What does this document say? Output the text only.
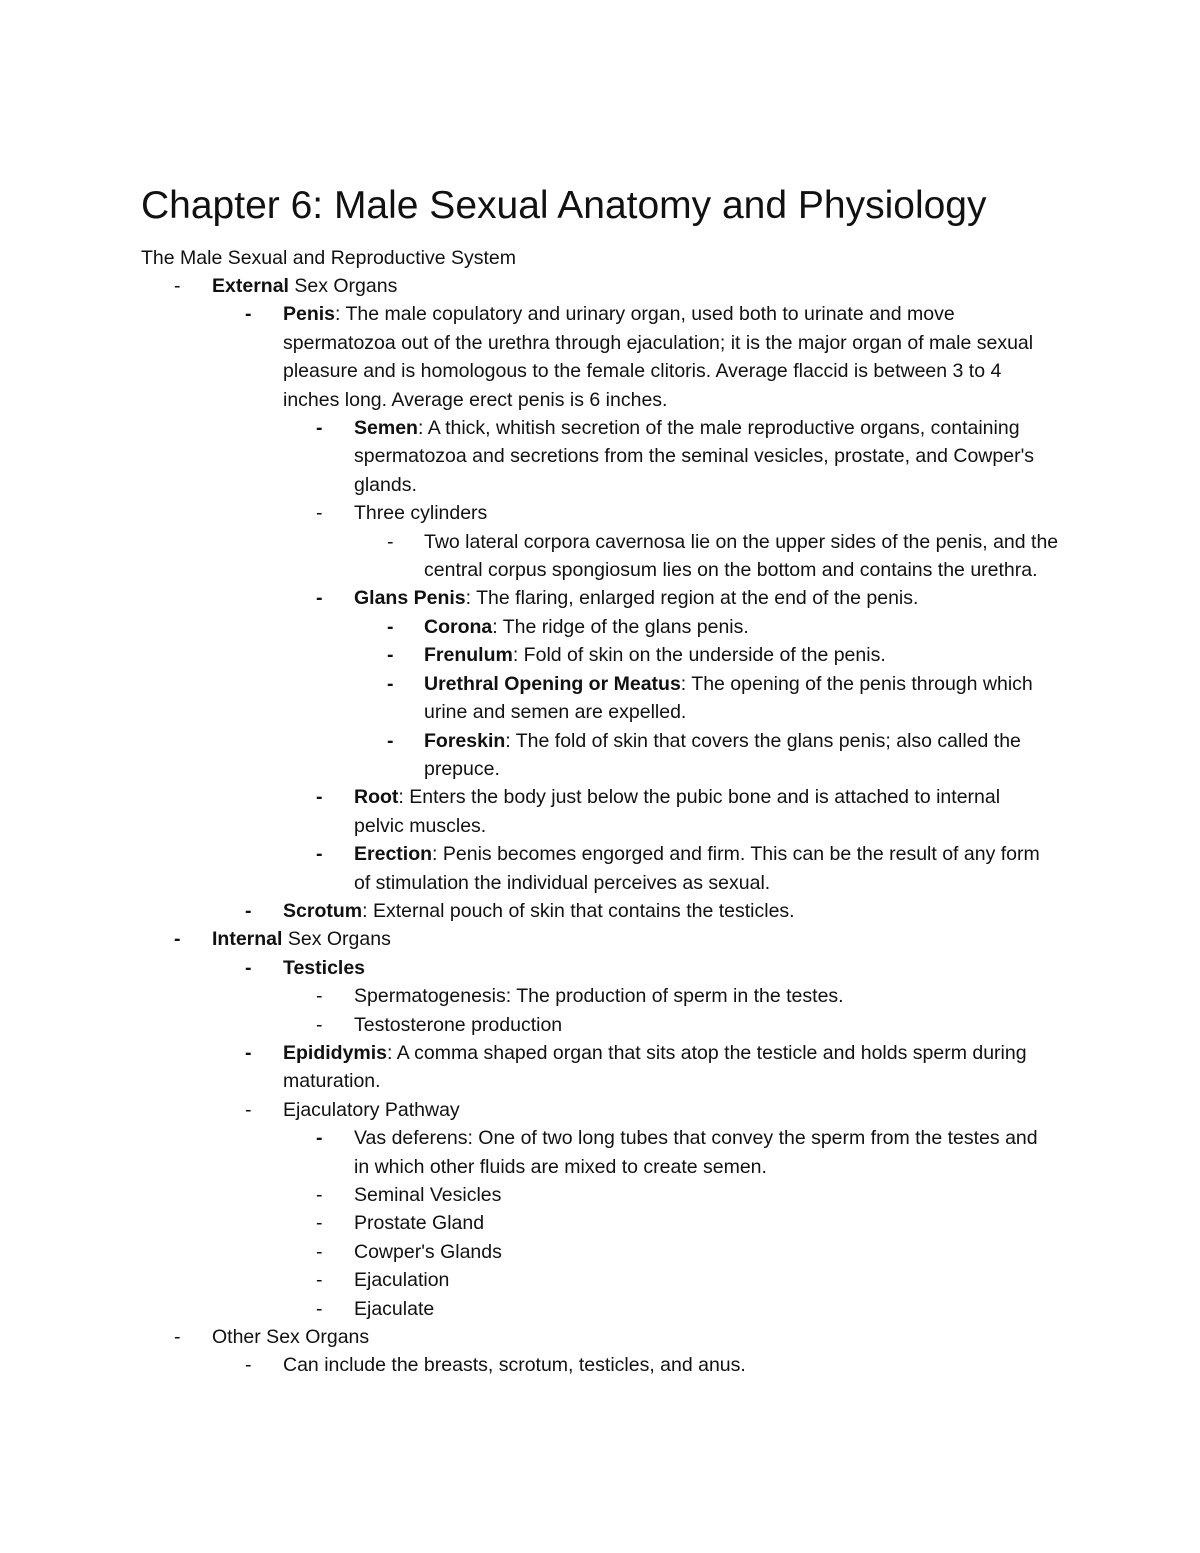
Chapter 6: Male Sexual Anatomy and Physiology

The Male Sexual and Reproductive System

- External Sex Organs
- Penis: The male copulatory and urinary organ, used both to urinate and move spermatozoa out of the urethra through ejaculation; it is the major organ of male sexual pleasure and is homologous to the female clitoris. Average flaccid is between 3 to 4 inches long. Average erect penis is 6 inches.
- Semen: A thick, whitish secretion of the male reproductive organs, containing spermatozoa and secretions from the seminal vesicles, prostate, and Cowper's glands.
- Three cylinders
- Two lateral corpora cavernosa lie on the upper sides of the penis, and the central corpus spongiosum lies on the bottom and contains the urethra.
- Glans Penis: The flaring, enlarged region at the end of the penis.
- Corona: The ridge of the glans penis.
- Frenulum: Fold of skin on the underside of the penis.
- Urethral Opening or Meatus: The opening of the penis through which urine and semen are expelled.
- Foreskin: The fold of skin that covers the glans penis; also called the prepuce.
- Root: Enters the body just below the pubic bone and is attached to internal pelvic muscles.
- Erection: Penis becomes engorged and firm. This can be the result of any form of stimulation the individual perceives as sexual.
- Scrotum: External pouch of skin that contains the testicles.
- Internal Sex Organs
- Testicles
- Spermatogenesis: The production of sperm in the testes.
- Testosterone production
- Epididymis: A comma shaped organ that sits atop the testicle and holds sperm during maturation.
- Ejaculatory Pathway
- Vas deferens: One of two long tubes that convey the sperm from the testes and in which other fluids are mixed to create semen.
- Seminal Vesicles
- Prostate Gland
- Cowper's Glands
- Ejaculation
- Ejaculate
- Other Sex Organs
- Can include the breasts, scrotum, testicles, and anus.
